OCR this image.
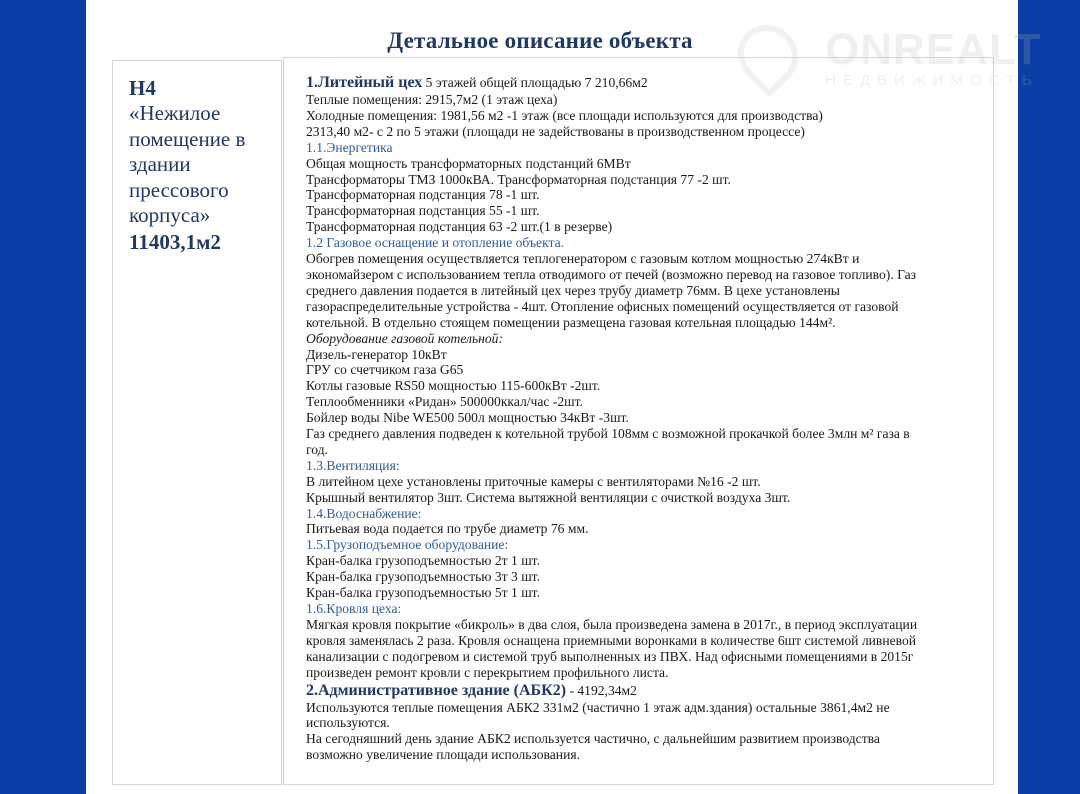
ONREALT
НЕДВИЖИМОСТЬ
Детальное описание объекта
Н4
«Нежилое
помещение в
здании
прессового
корпуса»
11403,1м2
1.Литейный цех 5 этажей общей площадью 7 210,66м2
Теплые помещения: 2915,7м2 (1 этаж цеха)
Холодные помещения: 1981,56 м2 -1 этаж (все площади используются для производства)
2313,40 м2- с 2 по 5 этажи (площади не задействованы в производственном процессе)
1.1.Энергетика
Общая мощность трансформаторных подстанций 6МВт
Трансформаторы ТМЗ 1000кВА. Трансформаторная подстанция 77 -2 шт.
Трансформаторная подстанция 78 -1 шт.
Трансформаторная подстанция 55 -1 шт.
Трансформаторная подстанция 63 -2 шт.(1 в резерве)
1.2 Газовое оснащение и отопление объекта.
Обогрев помещения осуществляется теплогенератором с газовым котлом мощностью 274кВт и
экономайзером с использованием тепла отводимого от печей (возможно перевод на газовое топливо). Газ
среднего давления подается в литейный цех через трубу диаметр 76мм. В цехе установлены
газораспределительные устройства - 4шт. Отопление офисных помещений осуществляется от газовой
котельной. В отдельно стоящем помещении размещена газовая котельная площадью 144м².
Оборудование газовой котельной:
Дизель-генератор 10кВт
ГРУ со счетчиком газа G65
Котлы газовые RS50 мощностью 115-600кВт -2шт.
Теплообменники «Ридан» 500000ккал/час -2шт.
Бойлер воды Nibe WE500 500л мощностью 34кВт -3шт.
Газ среднего давления подведен к котельной трубой 108мм с возможной прокачкой более 3млн м² газа в
год.
1.3.Вентиляция:
В литейном цехе установлены приточные камеры с вентиляторами №16 -2 шт.
Крышный вентилятор 3шт. Система вытяжной вентиляции с очисткой воздуха 3шт.
1.4.Водоснабжение:
Питьевая вода подается по трубе диаметр 76 мм.
1.5.Грузоподъемное оборудование:
Кран-балка грузоподъемностью 2т 1 шт.
Кран-балка грузоподъемностью 3т 3 шт.
Кран-балка грузоподъемностью 5т 1 шт.
1.6.Кровля цеха:
Мягкая кровля покрытие «бикроль» в два слоя, была произведена замена в 2017г., в период эксплуатации
кровля заменялась 2 раза. Кровля оснащена приемными воронками в количестве 6шт системой ливневой
канализации с подогревом и системой труб выполненных из ПВХ. Над офисными помещениями в 2015г
произведен ремонт кровли с перекрытием профильного листа.
2.Административное здание (АБК2) - 4192,34м2
Используются теплые помещения АБК2 331м2 (частично 1 этаж адм.здания) остальные 3861,4м2 не
используются.
На сегодняшний день здание АБК2 используется частично, с дальнейшим развитием производства
возможно увеличение площади использования.
